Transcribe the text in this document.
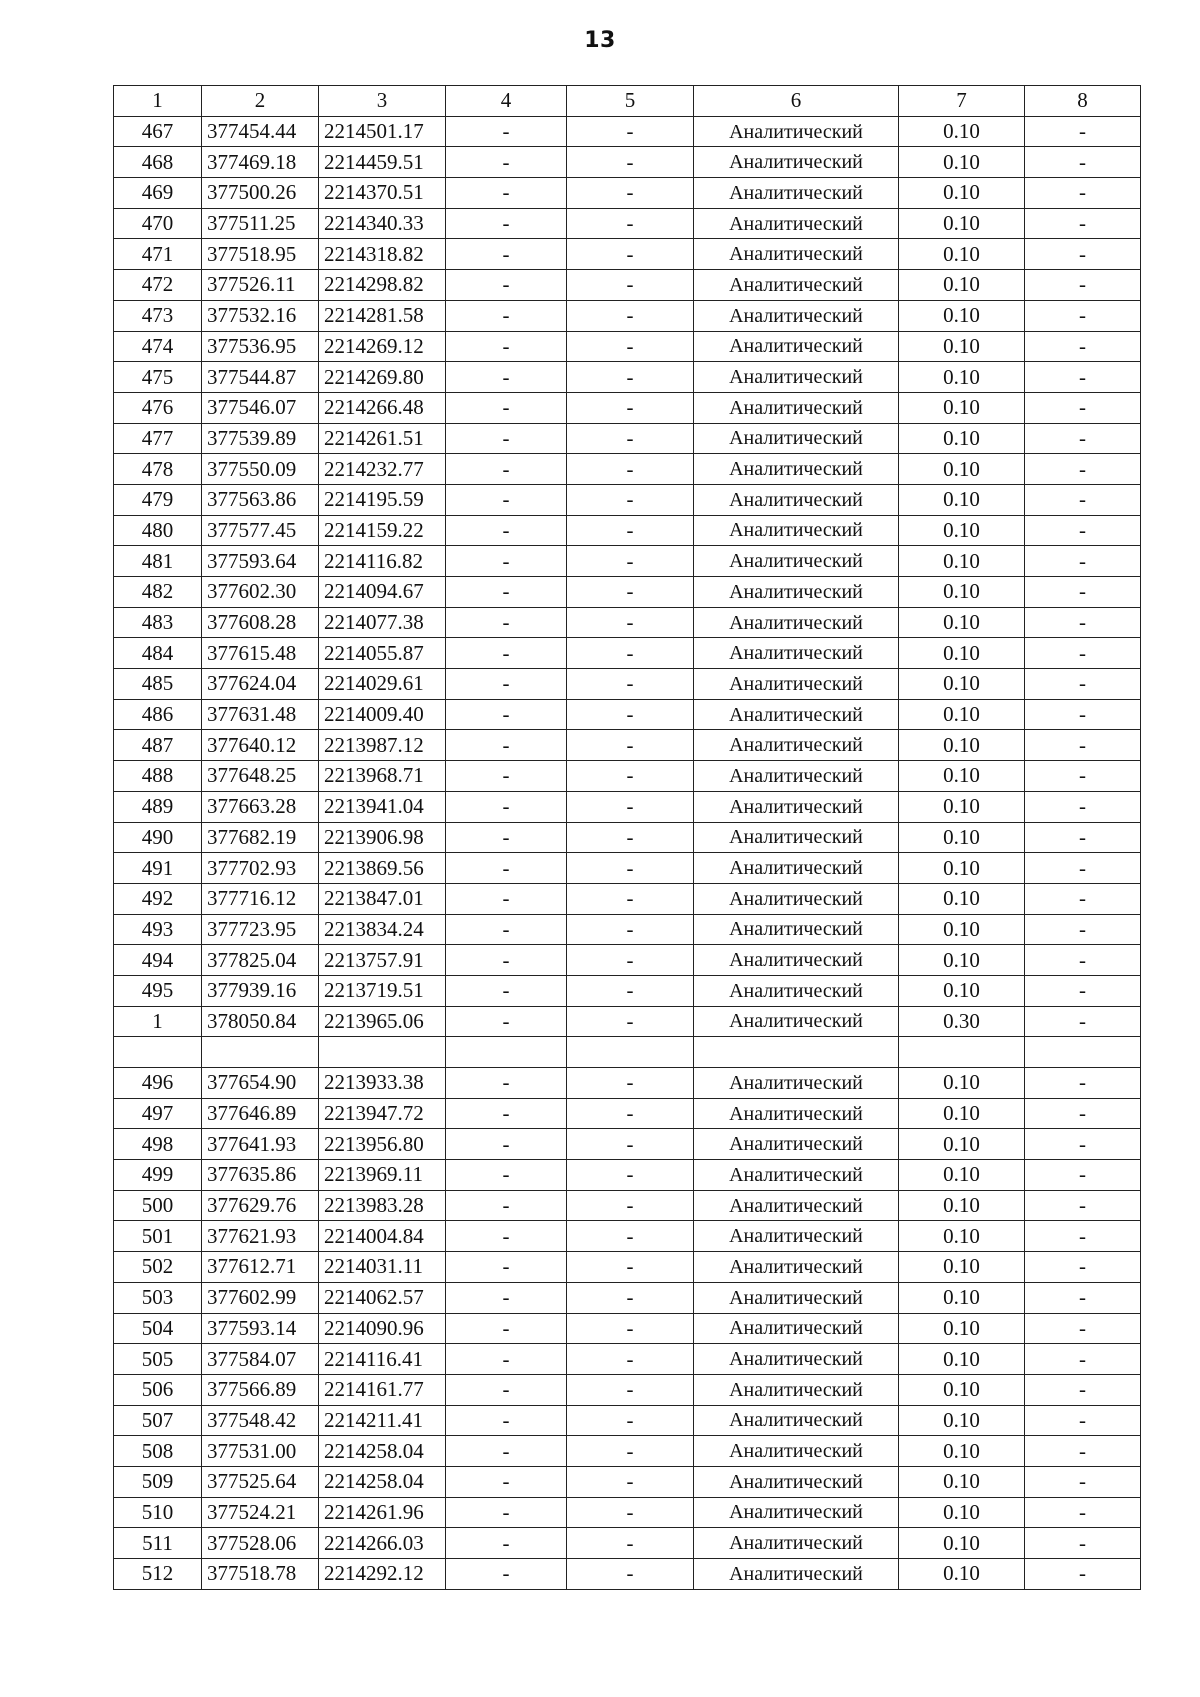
13
1	2	3	4	5	6	7	8
467	377454.44	2214501.17	-	-	Аналитический	0.10	-
468	377469.18	2214459.51	-	-	Аналитический	0.10	-
469	377500.26	2214370.51	-	-	Аналитический	0.10	-
470	377511.25	2214340.33	-	-	Аналитический	0.10	-
471	377518.95	2214318.82	-	-	Аналитический	0.10	-
472	377526.11	2214298.82	-	-	Аналитический	0.10	-
473	377532.16	2214281.58	-	-	Аналитический	0.10	-
474	377536.95	2214269.12	-	-	Аналитический	0.10	-
475	377544.87	2214269.80	-	-	Аналитический	0.10	-
476	377546.07	2214266.48	-	-	Аналитический	0.10	-
477	377539.89	2214261.51	-	-	Аналитический	0.10	-
478	377550.09	2214232.77	-	-	Аналитический	0.10	-
479	377563.86	2214195.59	-	-	Аналитический	0.10	-
480	377577.45	2214159.22	-	-	Аналитический	0.10	-
481	377593.64	2214116.82	-	-	Аналитический	0.10	-
482	377602.30	2214094.67	-	-	Аналитический	0.10	-
483	377608.28	2214077.38	-	-	Аналитический	0.10	-
484	377615.48	2214055.87	-	-	Аналитический	0.10	-
485	377624.04	2214029.61	-	-	Аналитический	0.10	-
486	377631.48	2214009.40	-	-	Аналитический	0.10	-
487	377640.12	2213987.12	-	-	Аналитический	0.10	-
488	377648.25	2213968.71	-	-	Аналитический	0.10	-
489	377663.28	2213941.04	-	-	Аналитический	0.10	-
490	377682.19	2213906.98	-	-	Аналитический	0.10	-
491	377702.93	2213869.56	-	-	Аналитический	0.10	-
492	377716.12	2213847.01	-	-	Аналитический	0.10	-
493	377723.95	2213834.24	-	-	Аналитический	0.10	-
494	377825.04	2213757.91	-	-	Аналитический	0.10	-
495	377939.16	2213719.51	-	-	Аналитический	0.10	-
1	378050.84	2213965.06	-	-	Аналитический	0.30	-

496	377654.90	2213933.38	-	-	Аналитический	0.10	-
497	377646.89	2213947.72	-	-	Аналитический	0.10	-
498	377641.93	2213956.80	-	-	Аналитический	0.10	-
499	377635.86	2213969.11	-	-	Аналитический	0.10	-
500	377629.76	2213983.28	-	-	Аналитический	0.10	-
501	377621.93	2214004.84	-	-	Аналитический	0.10	-
502	377612.71	2214031.11	-	-	Аналитический	0.10	-
503	377602.99	2214062.57	-	-	Аналитический	0.10	-
504	377593.14	2214090.96	-	-	Аналитический	0.10	-
505	377584.07	2214116.41	-	-	Аналитический	0.10	-
506	377566.89	2214161.77	-	-	Аналитический	0.10	-
507	377548.42	2214211.41	-	-	Аналитический	0.10	-
508	377531.00	2214258.04	-	-	Аналитический	0.10	-
509	377525.64	2214258.04	-	-	Аналитический	0.10	-
510	377524.21	2214261.96	-	-	Аналитический	0.10	-
511	377528.06	2214266.03	-	-	Аналитический	0.10	-
512	377518.78	2214292.12	-	-	Аналитический	0.10	-
